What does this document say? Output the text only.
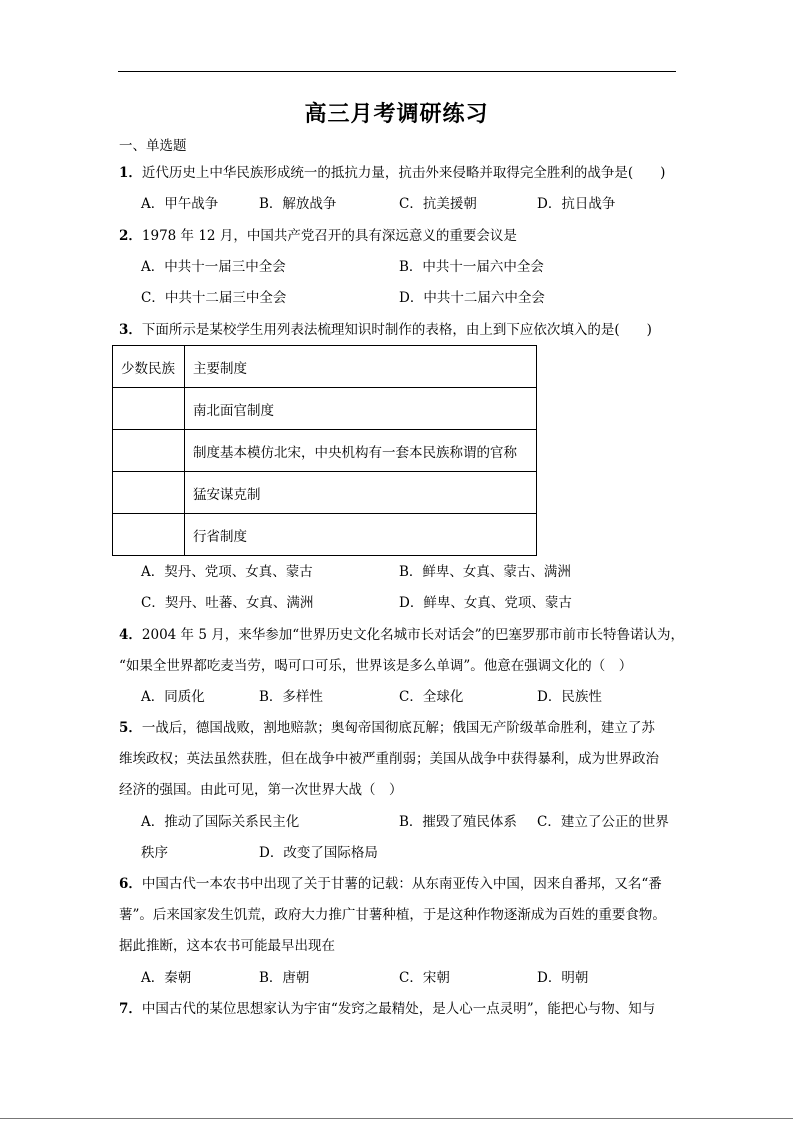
高三月考调研练习
一、单选题
1．近代历史上中华民族形成统一的抵抗力量，抗击外来侵略并取得完全胜利的战争是(　　)
A．甲午战争	B．解放战争	C．抗美援朝	D．抗日战争
2．1978 年 12 月，中国共产党召开的具有深远意义的重要会议是
A．中共十一届三中全会	B．中共十一届六中全会
C．中共十二届三中全会	D．中共十二届六中全会
3．下面所示是某校学生用列表法梳理知识时制作的表格，由上到下应依次填入的是(　　)
少数民族	主要制度
	南北面官制度
	制度基本模仿北宋，中央机构有一套本民族称谓的官称
	猛安谋克制
	行省制度
A．契丹、党项、女真、蒙古	B．鲜卑、女真、蒙古、满洲
C．契丹、吐蕃、女真、满洲	D．鲜卑、女真、党项、蒙古
4．2004 年 5 月，来华参加“世界历史文化名城市长对话会”的巴塞罗那市前市长特鲁诺认为，
“如果全世界都吃麦当劳，喝可口可乐，世界该是多么单调”。他意在强调文化的（　）
A．同质化	B．多样性	C．全球化	D．民族性
5．一战后，德国战败，割地赔款；奥匈帝国彻底瓦解；俄国无产阶级革命胜利，建立了苏
维埃政权；英法虽然获胜，但在战争中被严重削弱；美国从战争中获得暴利，成为世界政治
经济的强国。由此可见，第一次世界大战（　）
A．推动了国际关系民主化	B．摧毁了殖民体系 C．建立了公正的世界
秩序	D．改变了国际格局
6．中国古代一本农书中出现了关于甘薯的记载：从东南亚传入中国，因来自番邦，又名“番
薯”。后来国家发生饥荒，政府大力推广甘薯种植，于是这种作物逐渐成为百姓的重要食物。
据此推断，这本农书可能最早出现在
A．秦朝	B．唐朝	C．宋朝	D．明朝
7．中国古代的某位思想家认为宇宙“发窍之最精处，是人心一点灵明”，能把心与物、知与
